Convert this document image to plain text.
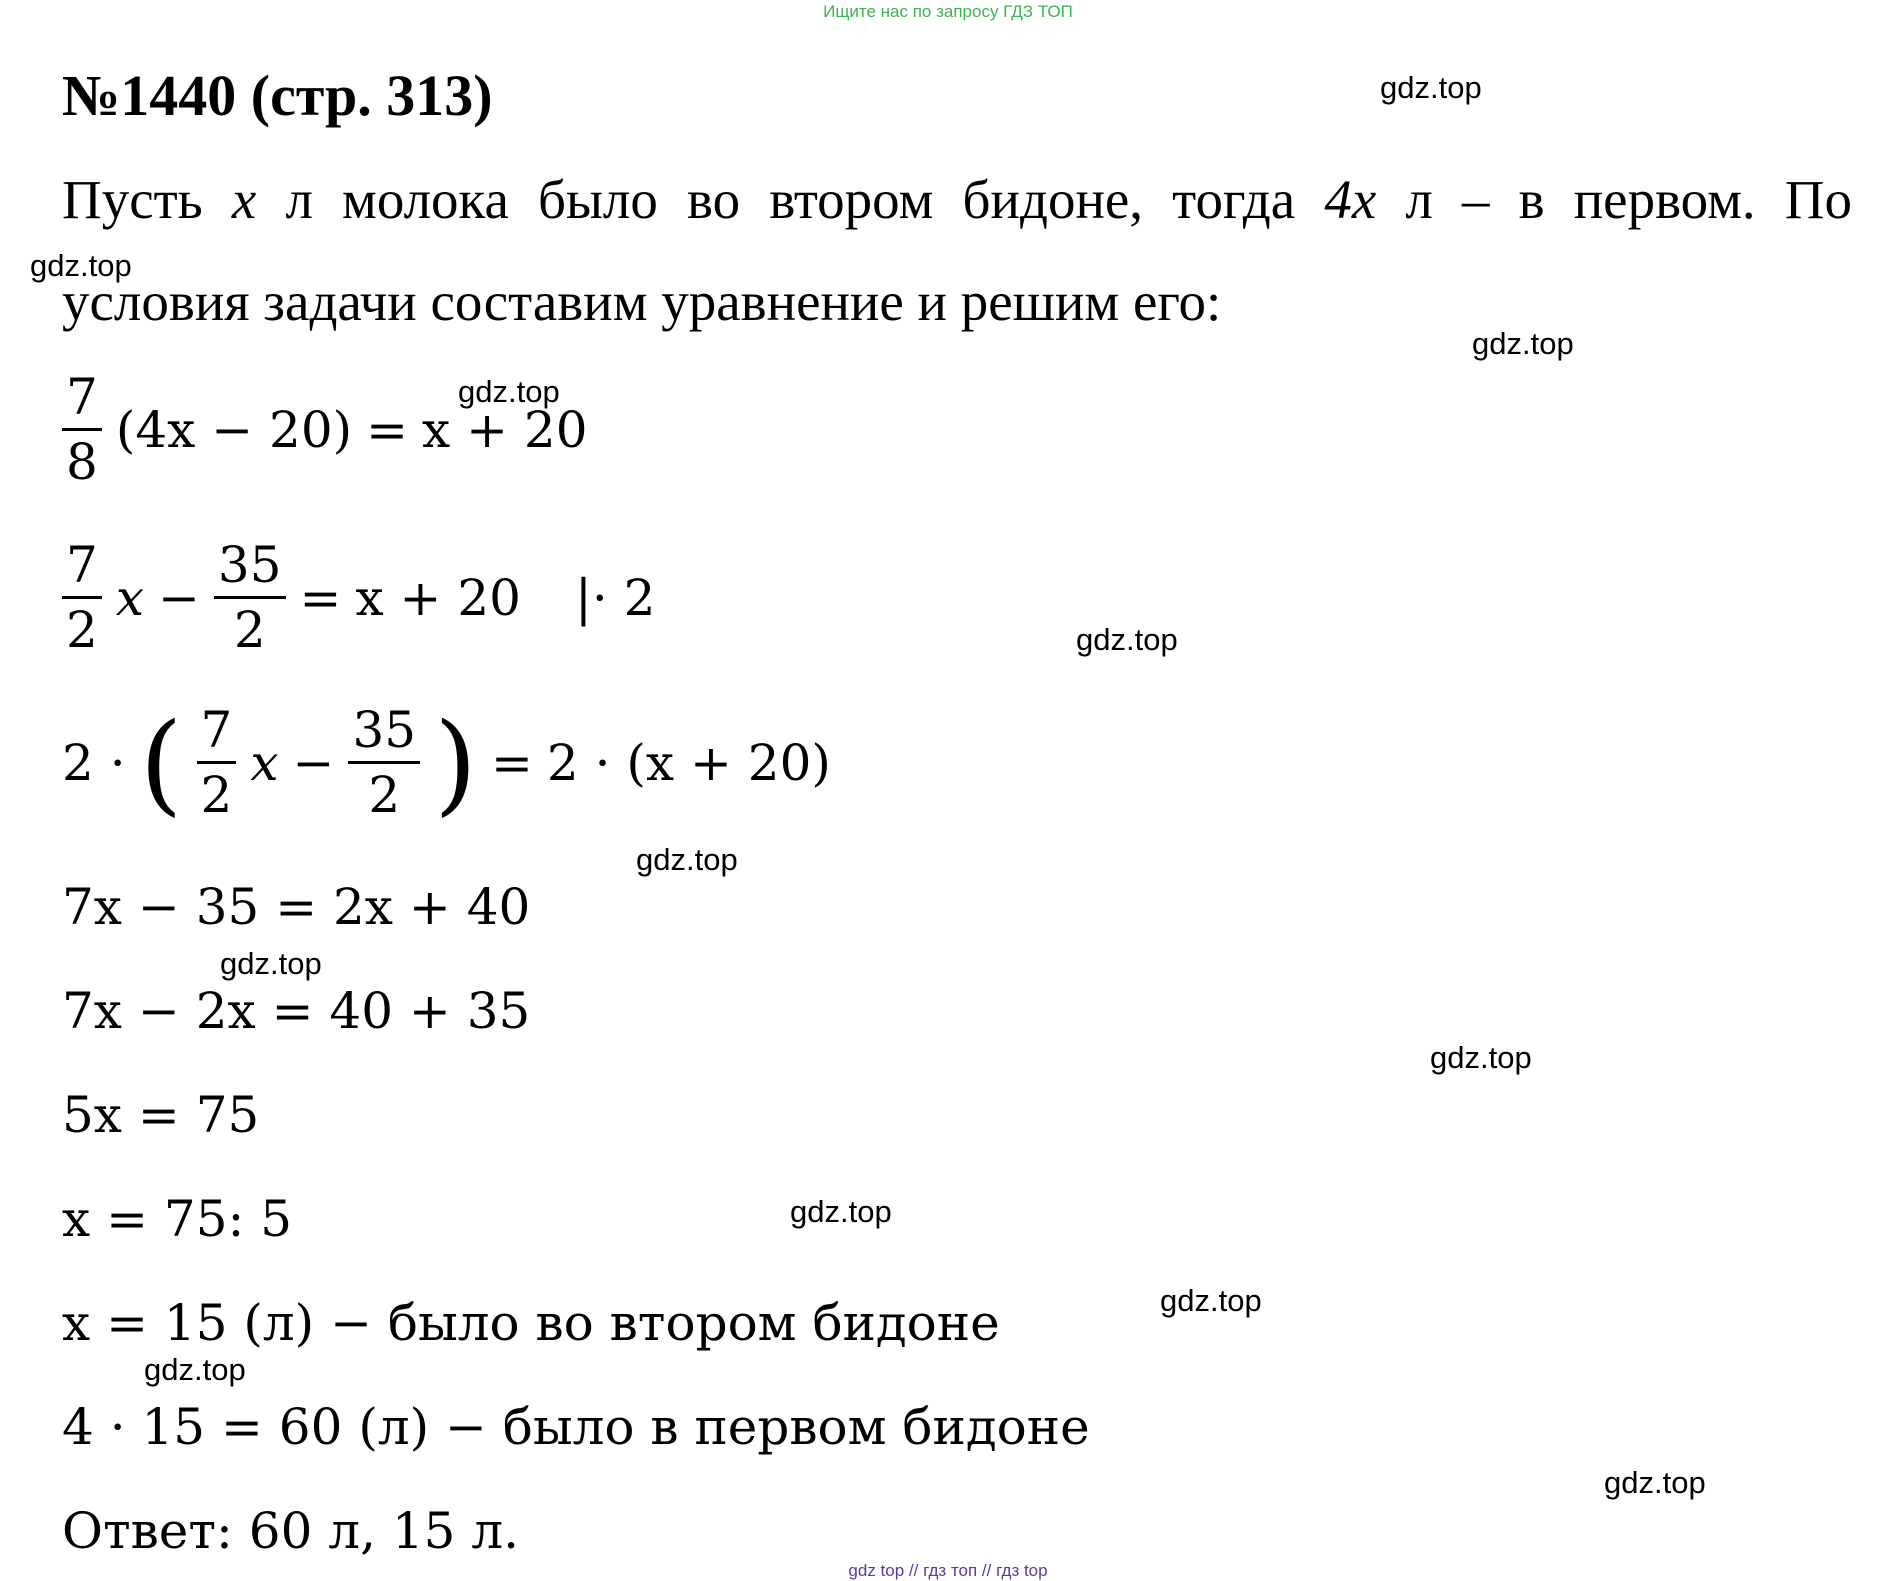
Ищите нас по запросу ГДЗ ТОП
№1440 (стр. 313)

Пусть x л молока было во втором бидоне, тогда 4x л – в первом. По

условия задачи составим уравнение и решим его:

$\frac{7}{8} (4x - 20) = x + 20$
$\frac{7}{2}$ $x - \frac{35}{2} = x + 20$ |· 2
2 · ( $\frac{7}{2}$ $x - \frac{35}{2}$ ) = 2 · (x + 20)
7x − 35 = 2x + 40
7x − 2x = 40 + 35
5x = 75
x = 75: 5
x = 15 (л) − было во втором бидоне
4 · 15 = 60 (л) − было в первом бидоне
Ответ: 60 л, 15 л.
gdz.top
gdz.top
gdz.top
gdz.top
gdz.top
gdz.top
gdz.top
gdz.top
gdz.top
gdz.top
gdz.top
gdz.top
gdz top // гдз топ // гдз top
